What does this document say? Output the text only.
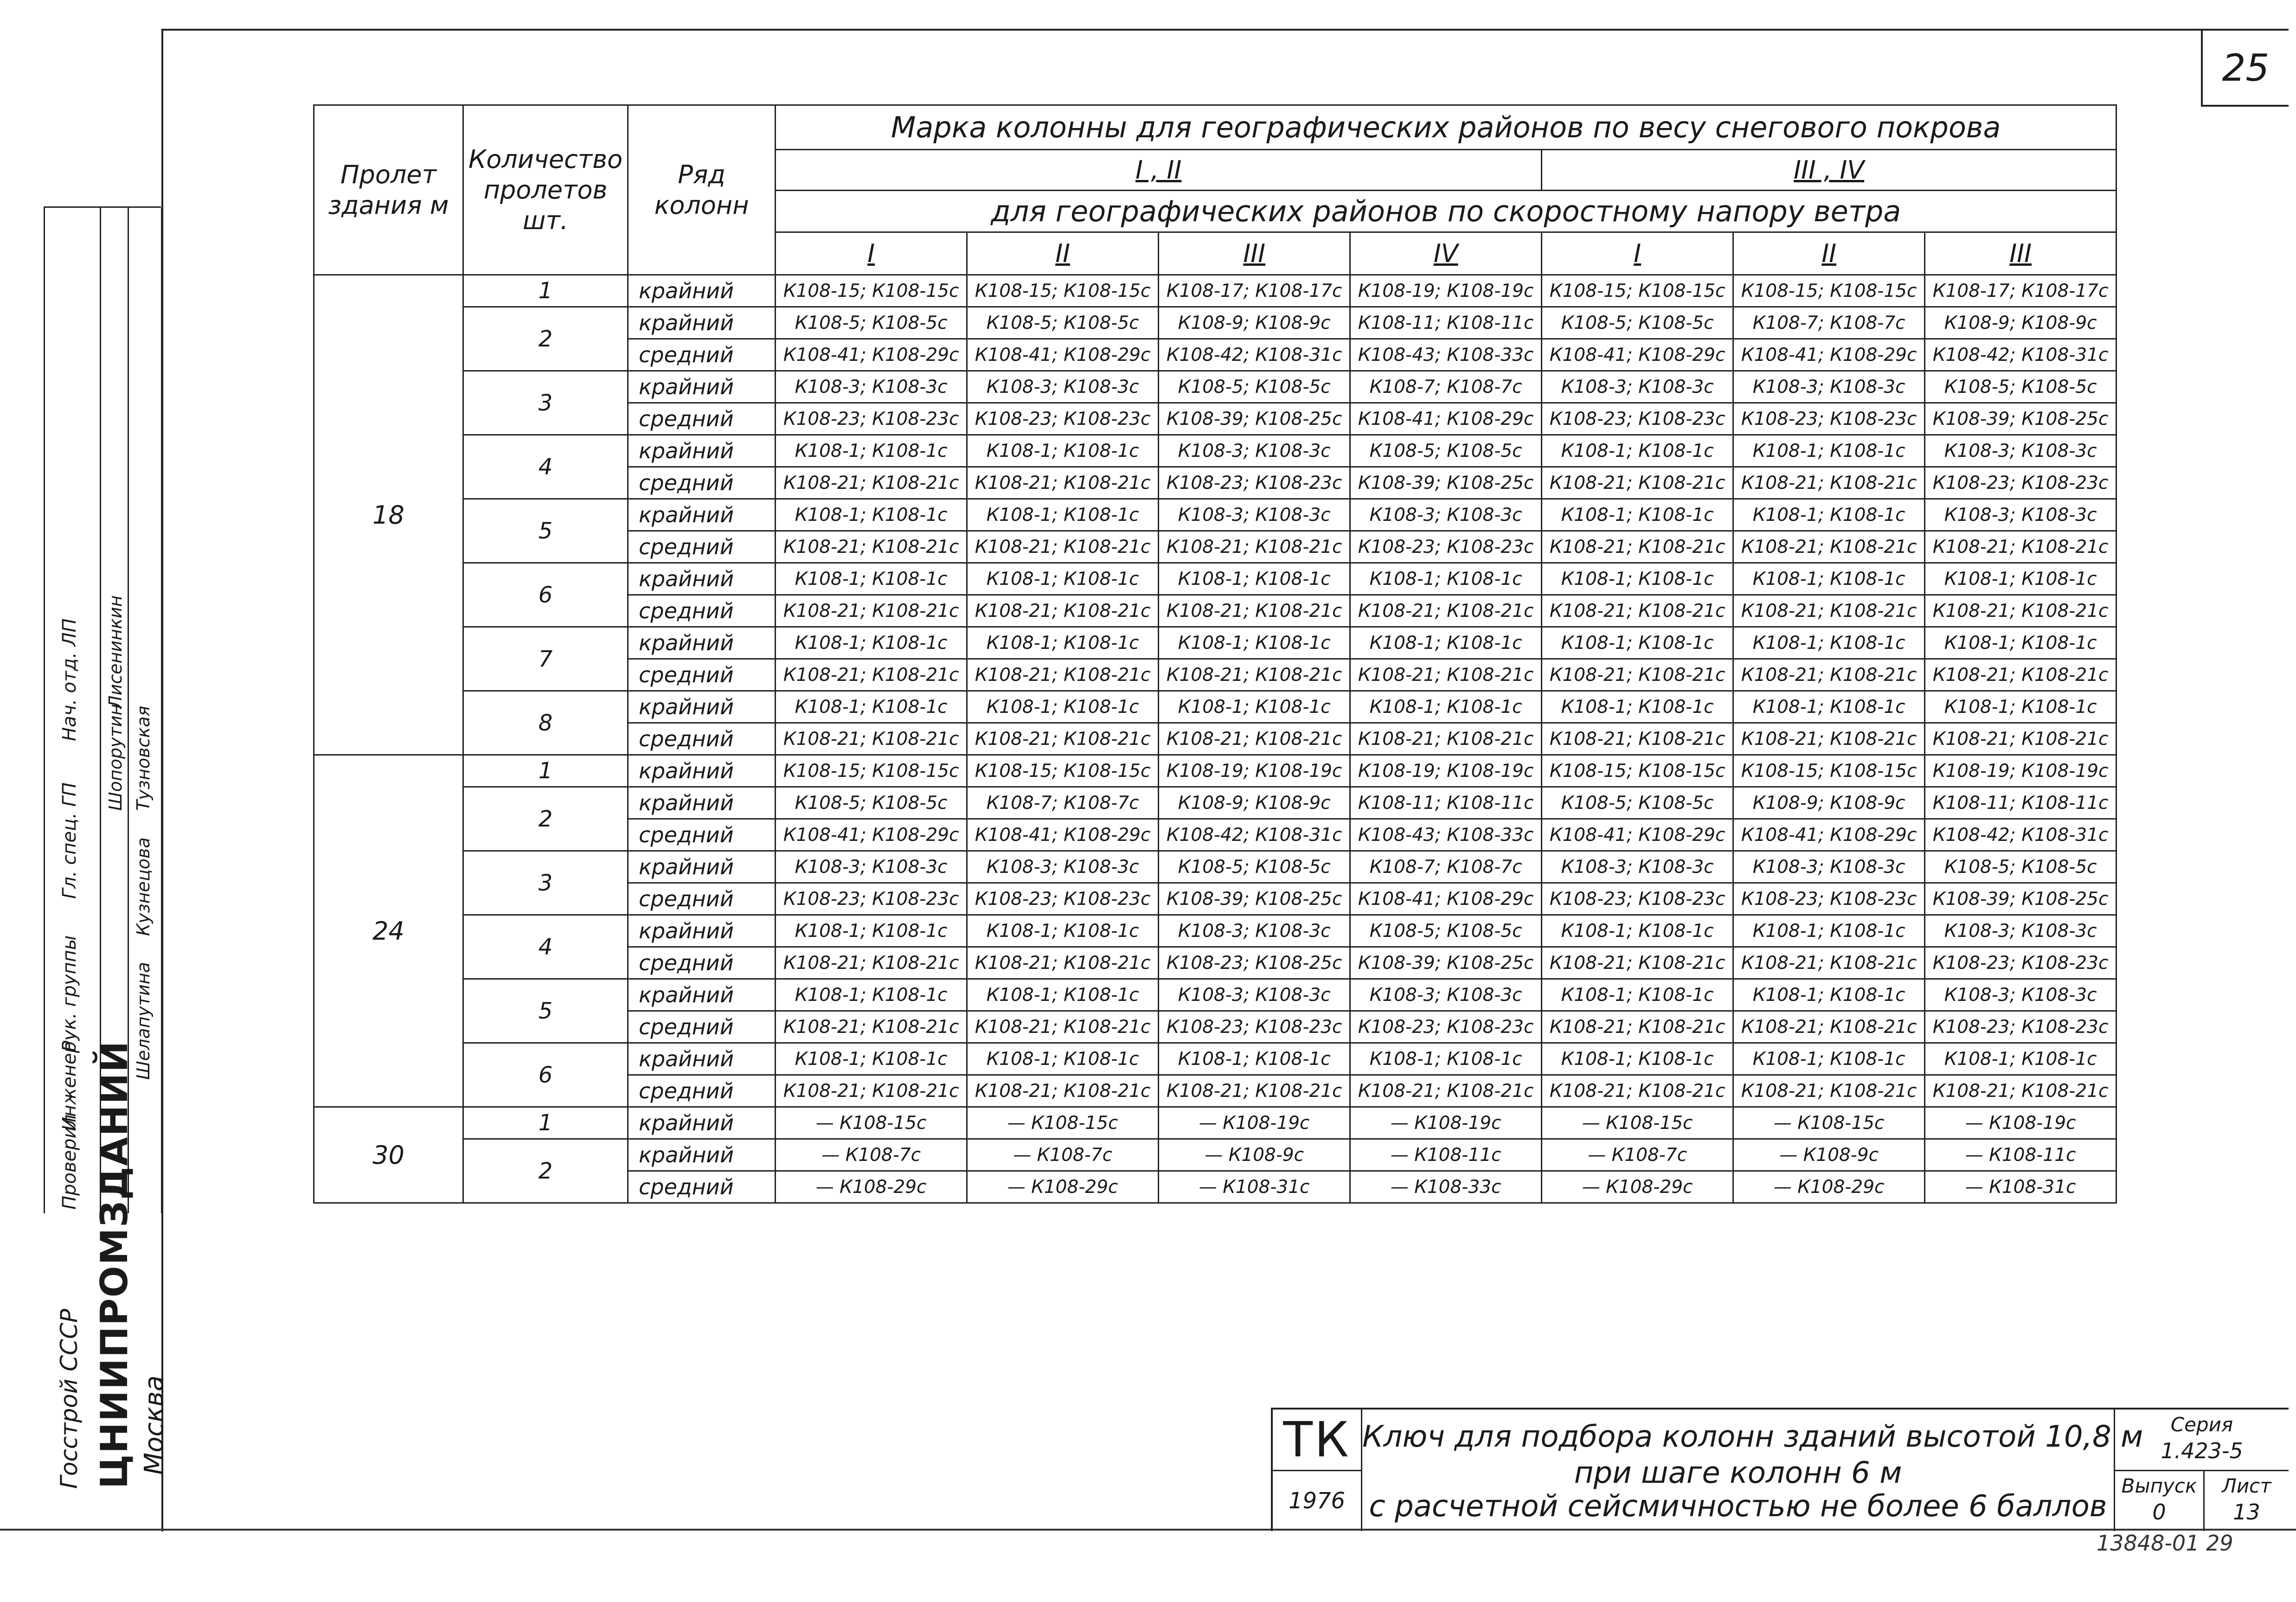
25
Пролет здания м	Количество пролетов шт.	Ряд колонн	Марка колонны для географических районов по весу снегового покрова						
			I , II				III , IV		
			для географических районов по скоростному напору ветра						
			I	II	III	IV	I	II	III
18	1	крайний	К108-15; К108-15с	К108-15; К108-15с	К108-17; К108-17с	К108-19; К108-19с	К108-15; К108-15с	К108-15; К108-15с	К108-17; К108-17с
	2	крайний	К108-5; К108-5с	К108-5; К108-5с	К108-9; К108-9с	К108-11; К108-11с	К108-5; К108-5с	К108-7; К108-7с	К108-9; К108-9с
		средний	К108-41; К108-29с	К108-41; К108-29с	К108-42; К108-31с	К108-43; К108-33с	К108-41; К108-29с	К108-41; К108-29с	К108-42; К108-31с
	3	крайний	К108-3; К108-3с	К108-3; К108-3с	К108-5; К108-5с	К108-7; К108-7с	К108-3; К108-3с	К108-3; К108-3с	К108-5; К108-5с
		средний	К108-23; К108-23с	К108-23; К108-23с	К108-39; К108-25с	К108-41; К108-29с	К108-23; К108-23с	К108-23; К108-23с	К108-39; К108-25с
	4	крайний	К108-1; К108-1с	К108-1; К108-1с	К108-3; К108-3с	К108-5; К108-5с	К108-1; К108-1с	К108-1; К108-1с	К108-3; К108-3с
		средний	К108-21; К108-21с	К108-21; К108-21с	К108-23; К108-23с	К108-39; К108-25с	К108-21; К108-21с	К108-21; К108-21с	К108-23; К108-23с
	5	крайний	К108-1; К108-1с	К108-1; К108-1с	К108-3; К108-3с	К108-3; К108-3с	К108-1; К108-1с	К108-1; К108-1с	К108-3; К108-3с
		средний	К108-21; К108-21с	К108-21; К108-21с	К108-21; К108-21с	К108-23; К108-23с	К108-21; К108-21с	К108-21; К108-21с	К108-21; К108-21с
	6	крайний	К108-1; К108-1с	К108-1; К108-1с	К108-1; К108-1с	К108-1; К108-1с	К108-1; К108-1с	К108-1; К108-1с	К108-1; К108-1с
		средний	К108-21; К108-21с	К108-21; К108-21с	К108-21; К108-21с	К108-21; К108-21с	К108-21; К108-21с	К108-21; К108-21с	К108-21; К108-21с
	7	крайний	К108-1; К108-1с	К108-1; К108-1с	К108-1; К108-1с	К108-1; К108-1с	К108-1; К108-1с	К108-1; К108-1с	К108-1; К108-1с
		средний	К108-21; К108-21с	К108-21; К108-21с	К108-21; К108-21с	К108-21; К108-21с	К108-21; К108-21с	К108-21; К108-21с	К108-21; К108-21с
	8	крайний	К108-1; К108-1с	К108-1; К108-1с	К108-1; К108-1с	К108-1; К108-1с	К108-1; К108-1с	К108-1; К108-1с	К108-1; К108-1с
		средний	К108-21; К108-21с	К108-21; К108-21с	К108-21; К108-21с	К108-21; К108-21с	К108-21; К108-21с	К108-21; К108-21с	К108-21; К108-21с
24	1	крайний	К108-15; К108-15с	К108-15; К108-15с	К108-19; К108-19с	К108-19; К108-19с	К108-15; К108-15с	К108-15; К108-15с	К108-19; К108-19с
	2	крайний	К108-5; К108-5с	К108-7; К108-7с	К108-9; К108-9с	К108-11; К108-11с	К108-5; К108-5с	К108-9; К108-9с	К108-11; К108-11с
		средний	К108-41; К108-29с	К108-41; К108-29с	К108-42; К108-31с	К108-43; К108-33с	К108-41; К108-29с	К108-41; К108-29с	К108-42; К108-31с
	3	крайний	К108-3; К108-3с	К108-3; К108-3с	К108-5; К108-5с	К108-7; К108-7с	К108-3; К108-3с	К108-3; К108-3с	К108-5; К108-5с
		средний	К108-23; К108-23с	К108-23; К108-23с	К108-39; К108-25с	К108-41; К108-29с	К108-23; К108-23с	К108-23; К108-23с	К108-39; К108-25с
	4	крайний	К108-1; К108-1с	К108-1; К108-1с	К108-3; К108-3с	К108-5; К108-5с	К108-1; К108-1с	К108-1; К108-1с	К108-3; К108-3с
		средний	К108-21; К108-21с	К108-21; К108-21с	К108-23; К108-25с	К108-39; К108-25с	К108-21; К108-21с	К108-21; К108-21с	К108-23; К108-23с
	5	крайний	К108-1; К108-1с	К108-1; К108-1с	К108-3; К108-3с	К108-3; К108-3с	К108-1; К108-1с	К108-1; К108-1с	К108-3; К108-3с
		средний	К108-21; К108-21с	К108-21; К108-21с	К108-23; К108-23с	К108-23; К108-23с	К108-21; К108-21с	К108-21; К108-21с	К108-23; К108-23с
	6	крайний	К108-1; К108-1с	К108-1; К108-1с	К108-1; К108-1с	К108-1; К108-1с	К108-1; К108-1с	К108-1; К108-1с	К108-1; К108-1с
		средний	К108-21; К108-21с	К108-21; К108-21с	К108-21; К108-21с	К108-21; К108-21с	К108-21; К108-21с	К108-21; К108-21с	К108-21; К108-21с
30	1	крайний	— К108-15с	— К108-15с	— К108-19с	— К108-19с	— К108-15с	— К108-15с	— К108-19с
	2	крайний	— К108-7с	— К108-7с	— К108-9с	— К108-11с	— К108-7с	— К108-9с	— К108-11с
		средний	— К108-29с	— К108-29с	— К108-31с	— К108-33с	— К108-29с	— К108-29с	— К108-31с
Нач. отд. ЛП
Гл. спец. ГП
Рук. группы
Инженер
Проверил
Лисенинкин
Шопорутин Тузновская
Кузнецова
Шелапутина
Госстрой СССР ЦНИИПРОМЗДАНИЙ Москва	ТК
1976
Ключ для подбора колонн зданий высотой 10,8 м
при шаге колонн 6 м
с расчетной сейсмичностью не более 6 баллов
Серия
1.423-5
Выпуск
0
Лист
13
13848-01 29
